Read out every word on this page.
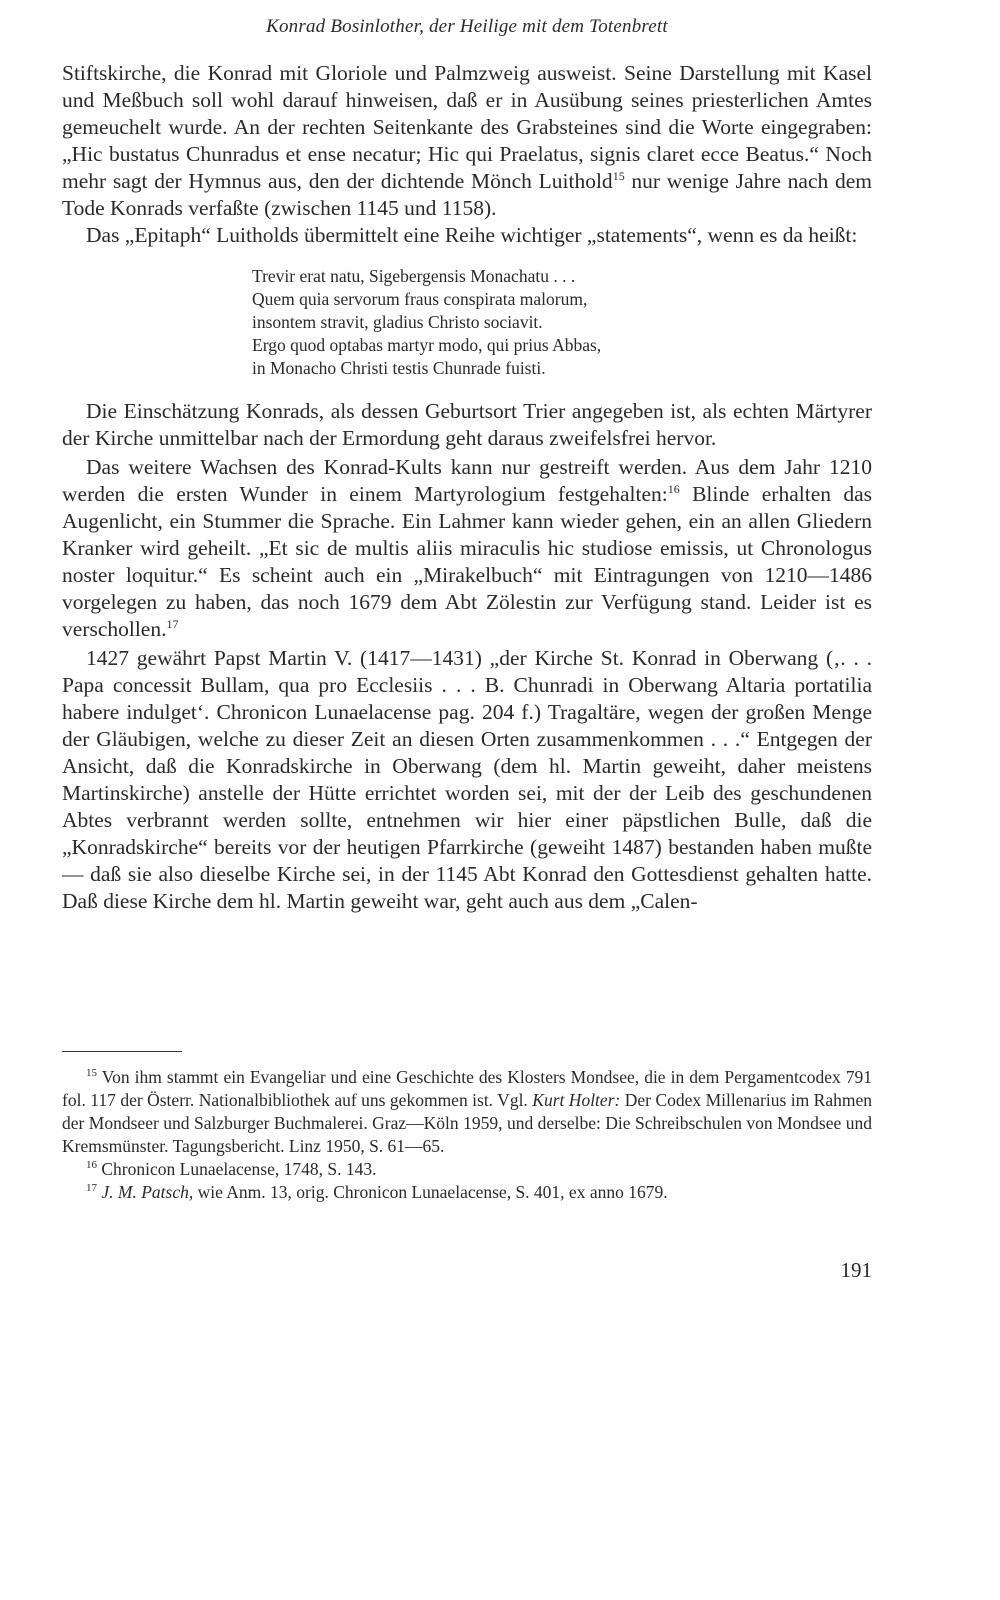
Konrad Bosinlother, der Heilige mit dem Totenbrett

Stiftskirche, die Konrad mit Gloriole und Palmzweig ausweist. Seine Darstellung mit Kasel und Meßbuch soll wohl darauf hinweisen, daß er in Ausübung seines priesterlichen Amtes gemeuchelt wurde. An der rechten Seitenkante des Grabsteines sind die Worte eingegraben: „Hic bustatus Chunradus et ense necatur; Hic qui Praelatus, signis claret ecce Beatus.“ Noch mehr sagt der Hymnus aus, den der dichtende Mönch Luithold$^{15}$ nur wenige Jahre nach dem Tode Konrads verfaßte (zwischen 1145 und 1158).

Das „Epitaph“ Luitholds übermittelt eine Reihe wichtiger „statements“, wenn es da heißt:

Trevir erat natu, Sigebergensis Monachatu . . .
Quem quia servorum fraus conspirata malorum,
insontem stravit, gladius Christo sociavit.
Ergo quod optabas martyr modo, qui prius Abbas,
in Monacho Christi testis Chunrade fuisti.

Die Einschätzung Konrads, als dessen Geburtsort Trier angegeben ist, als echten Märtyrer der Kirche unmittelbar nach der Ermordung geht daraus zweifelsfrei hervor.

Das weitere Wachsen des Konrad-Kults kann nur gestreift werden. Aus dem Jahr 1210 werden die ersten Wunder in einem Martyrologium festgehalten:$^{16}$ Blinde erhalten das Augenlicht, ein Stummer die Sprache. Ein Lahmer kann wieder gehen, ein an allen Gliedern Kranker wird geheilt. „Et sic de multis aliis miraculis hic studiose emissis, ut Chronologus noster loquitur.“ Es scheint auch ein „Mirakelbuch“ mit Eintragungen von 1210—1486 vorgelegen zu haben, das noch 1679 dem Abt Zölestin zur Verfügung stand. Leider ist es verschollen.$^{17}$

1427 gewährt Papst Martin V. (1417—1431) „der Kirche St. Konrad in Oberwang (‚. . . Papa concessit Bullam, qua pro Ecclesiis . . . B. Chunradi in Oberwang Altaria portatilia habere indulget‘. Chronicon Lunaelacense pag. 204 f.) Tragaltäre, wegen der großen Menge der Gläubigen, welche zu dieser Zeit an diesen Orten zusammenkommen . . .“ Entgegen der Ansicht, daß die Konradskirche in Oberwang (dem hl. Martin geweiht, daher meistens Martinskirche) anstelle der Hütte errichtet worden sei, mit der der Leib des geschundenen Abtes verbrannt werden sollte, entnehmen wir hier einer päpstlichen Bulle, daß die „Konradskirche“ bereits vor der heutigen Pfarrkirche (geweiht 1487) bestanden haben mußte — daß sie also dieselbe Kirche sei, in der 1145 Abt Konrad den Gottesdienst gehalten hatte. Daß diese Kirche dem hl. Martin geweiht war, geht auch aus dem „Calen-

$^{15}$ Von ihm stammt ein Evangeliar und eine Geschichte des Klosters Mondsee, die in dem Pergamentcodex 791 fol. 117 der Österr. Nationalbibliothek auf uns gekommen ist. Vgl. Kurt Holter: Der Codex Millenarius im Rahmen der Mondseer und Salzburger Buchmalerei. Graz—Köln 1959, und derselbe: Die Schreibschulen von Mondsee und Kremsmünster. Tagungsbericht. Linz 1950, S. 61—65.

$^{16}$ Chronicon Lunaelacense, 1748, S. 143.

$^{17}$ J. M. Patsch, wie Anm. 13, orig. Chronicon Lunaelacense, S. 401, ex anno 1679.

191
